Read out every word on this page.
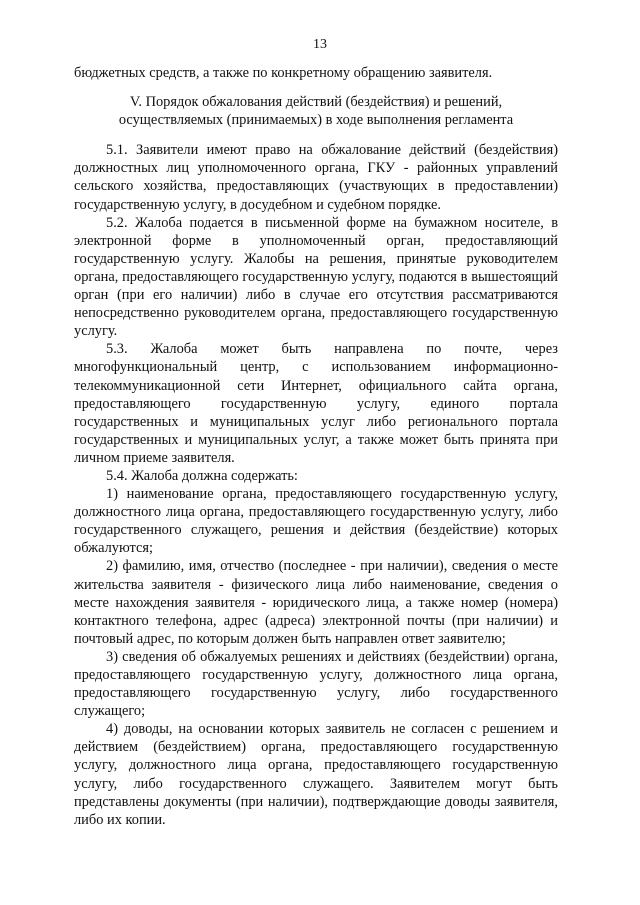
13

бюджетных средств, а также по конкретному обращению заявителя.

V. Порядок обжалования действий (бездействия) и решений,
осуществляемых (принимаемых) в ходе выполнения регламента

5.1. Заявители имеют право на обжалование действий (бездействия) должностных лиц уполномоченного органа, ГКУ - районных управлений сельского хозяйства, предоставляющих (участвующих в предоставлении) государственную услугу, в досудебном и судебном порядке.

5.2. Жалоба подается в письменной форме на бумажном носителе, в электронной форме в уполномоченный орган, предоставляющий государственную услугу. Жалобы на решения, принятые руководителем органа, предоставляющего государственную услугу, подаются в вышестоящий орган (при его наличии) либо в случае его отсутствия рассматриваются непосредственно руководителем органа, предоставляющего государственную услугу.

5.3. Жалоба может быть направлена по почте, через многофункциональный центр, с использованием информационно-телекоммуникационной сети Интернет, официального сайта органа, предоставляющего государственную услугу, единого портала государственных и муниципальных услуг либо регионального портала государственных и муниципальных услуг, а также может быть принята при личном приеме заявителя.

5.4. Жалоба должна содержать:

1) наименование органа, предоставляющего государственную услугу, должностного лица органа, предоставляющего государственную услугу, либо государственного служащего, решения и действия (бездействие) которых обжалуются;

2) фамилию, имя, отчество (последнее - при наличии), сведения о месте жительства заявителя - физического лица либо наименование, сведения о месте нахождения заявителя - юридического лица, а также номер (номера) контактного телефона, адрес (адреса) электронной почты (при наличии) и почтовый адрес, по которым должен быть направлен ответ заявителю;

3) сведения об обжалуемых решениях и действиях (бездействии) органа, предоставляющего государственную услугу, должностного лица органа, предоставляющего государственную услугу, либо государственного служащего;

4) доводы, на основании которых заявитель не согласен с решением и действием (бездействием) органа, предоставляющего государственную услугу, должностного лица органа, предоставляющего государственную услугу, либо государственного служащего. Заявителем могут быть представлены документы (при наличии), подтверждающие доводы заявителя, либо их копии.
